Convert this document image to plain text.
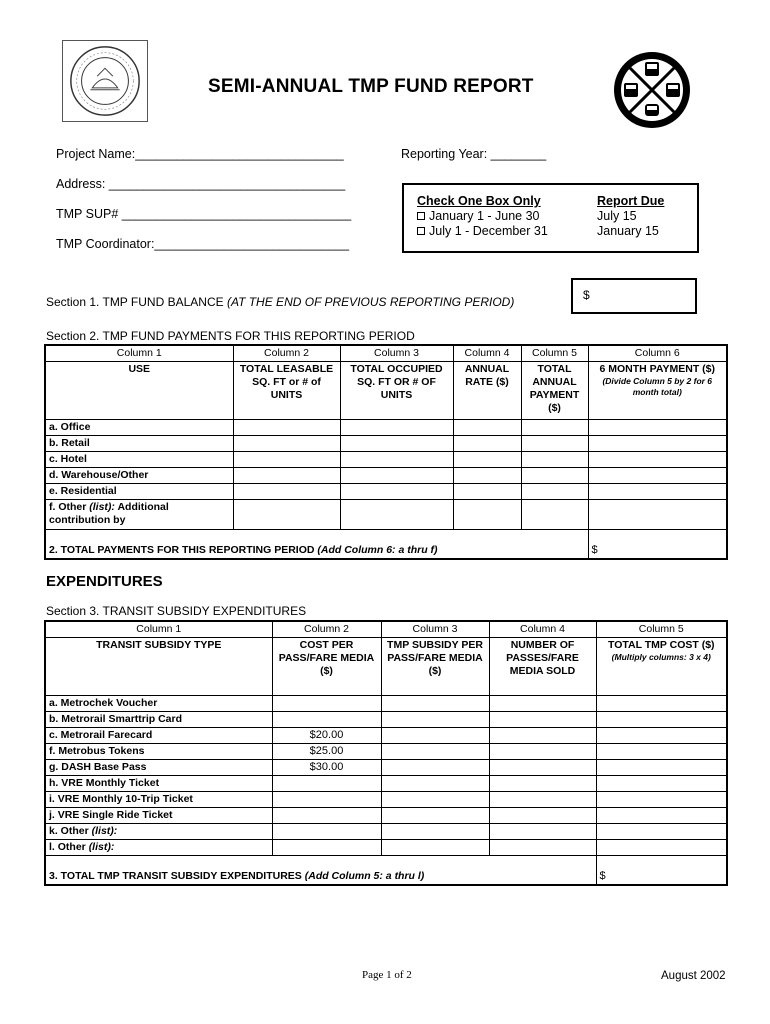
SEMI-ANNUAL TMP FUND REPORT
Project Name:______________________________	Reporting Year: ________
Address: __________________________________
TMP SUP# _________________________________
TMP Coordinator:____________________________
Check One Box Only
January 1 - June 30
July 1 - December 31
Report Due
July 15
January 15
Section 1. TMP FUND BALANCE (AT THE END OF PREVIOUS REPORTING PERIOD)	$
Section 2. TMP FUND PAYMENTS FOR THIS REPORTING PERIOD
Column 1	Column 2	Column 3	Column 4	Column 5	Column 6
USE	TOTAL LEASABLE SQ. FT or # of UNITS	TOTAL OCCUPIED SQ. FT OR # OF UNITS	ANNUAL RATE ($)	TOTAL ANNUAL PAYMENT ($)	6 MONTH PAYMENT ($)
(Divide Column 5 by 2 for 6 month total)

a. Office					
b. Retail					
c. Hotel					
d. Warehouse/Other					
e. Residential					
f. Other (list): Additional contribution by					
2. TOTAL PAYMENTS FOR THIS REPORTING PERIOD (Add Column 6: a thru f)					$
EXPENDITURES
Section 3. TRANSIT SUBSIDY EXPENDITURES
Column 1	Column 2	Column 3	Column 4	Column 5
TRANSIT SUBSIDY TYPE	COST PER PASS/FARE MEDIA ($)	TMP SUBSIDY PER PASS/FARE MEDIA ($)	NUMBER OF PASSES/FARE MEDIA SOLD	TOTAL TMP COST ($)
(Multiply columns: 3 x 4)

a. Metrochek Voucher				
b. Metrorail Smarttrip Card				
c. Metrorail Farecard	$20.00			
f. Metrobus Tokens	$25.00			
g. DASH Base Pass	$30.00			
h. VRE Monthly Ticket				
i. VRE Monthly 10-Trip Ticket				
j. VRE Single Ride Ticket				
k. Other (list):				
l. Other (list):				
3. TOTAL TMP TRANSIT SUBSIDY EXPENDITURES (Add Column 5: a thru l)				$
Page 1 of 2	August 2002
